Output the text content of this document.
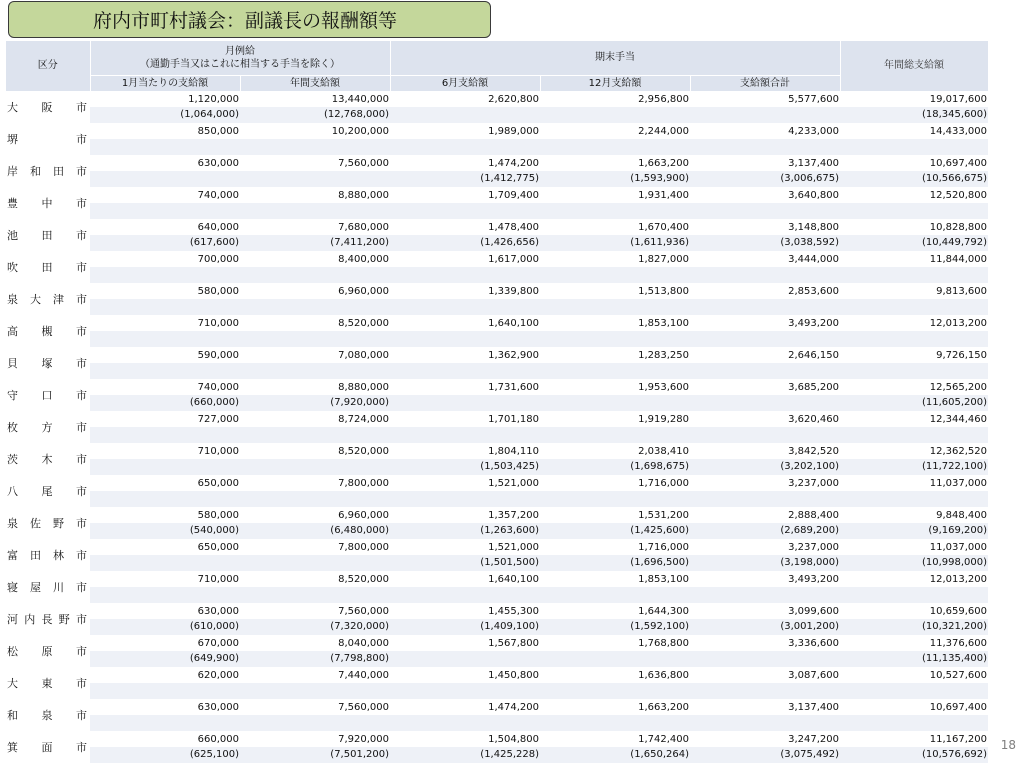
府内市町村議会：副議長の報酬額等
区分	月例給
（通勤手当又はこれに相当する手当を除く）		期末手当			年間総支給額
	1月当たりの支給額	年間支給額	6月支給額	12月支給額	支給額合計	
大阪市	1,120,000	13,440,000	2,620,800	2,956,800	5,577,600	19,017,600
	(1,064,000)	(12,768,000)				(18,345,600)
堺市	850,000	10,200,000	1,989,000	2,244,000	4,233,000	14,433,000

岸和田市	630,000	7,560,000	1,474,200	1,663,200	3,137,400	10,697,400
			(1,412,775)	(1,593,900)	(3,006,675)	(10,566,675)
豊中市	740,000	8,880,000	1,709,400	1,931,400	3,640,800	12,520,800

池田市	640,000	7,680,000	1,478,400	1,670,400	3,148,800	10,828,800
	(617,600)	(7,411,200)	(1,426,656)	(1,611,936)	(3,038,592)	(10,449,792)
吹田市	700,000	8,400,000	1,617,000	1,827,000	3,444,000	11,844,000

泉大津市	580,000	6,960,000	1,339,800	1,513,800	2,853,600	9,813,600

高槻市	710,000	8,520,000	1,640,100	1,853,100	3,493,200	12,013,200

貝塚市	590,000	7,080,000	1,362,900	1,283,250	2,646,150	9,726,150

守口市	740,000	8,880,000	1,731,600	1,953,600	3,685,200	12,565,200
	(660,000)	(7,920,000)				(11,605,200)
枚方市	727,000	8,724,000	1,701,180	1,919,280	3,620,460	12,344,460

茨木市	710,000	8,520,000	1,804,110	2,038,410	3,842,520	12,362,520
			(1,503,425)	(1,698,675)	(3,202,100)	(11,722,100)
八尾市	650,000	7,800,000	1,521,000	1,716,000	3,237,000	11,037,000

泉佐野市	580,000	6,960,000	1,357,200	1,531,200	2,888,400	9,848,400
	(540,000)	(6,480,000)	(1,263,600)	(1,425,600)	(2,689,200)	(9,169,200)
富田林市	650,000	7,800,000	1,521,000	1,716,000	3,237,000	11,037,000
			(1,501,500)	(1,696,500)	(3,198,000)	(10,998,000)
寝屋川市	710,000	8,520,000	1,640,100	1,853,100	3,493,200	12,013,200

河内長野市	630,000	7,560,000	1,455,300	1,644,300	3,099,600	10,659,600
	(610,000)	(7,320,000)	(1,409,100)	(1,592,100)	(3,001,200)	(10,321,200)
松原市	670,000	8,040,000	1,567,800	1,768,800	3,336,600	11,376,600
	(649,900)	(7,798,800)				(11,135,400)
大東市	620,000	7,440,000	1,450,800	1,636,800	3,087,600	10,527,600

和泉市	630,000	7,560,000	1,474,200	1,663,200	3,137,400	10,697,400

箕面市	660,000	7,920,000	1,504,800	1,742,400	3,247,200	11,167,200
	(625,100)	(7,501,200)	(1,425,228)	(1,650,264)	(3,075,492)	(10,576,692)
18
